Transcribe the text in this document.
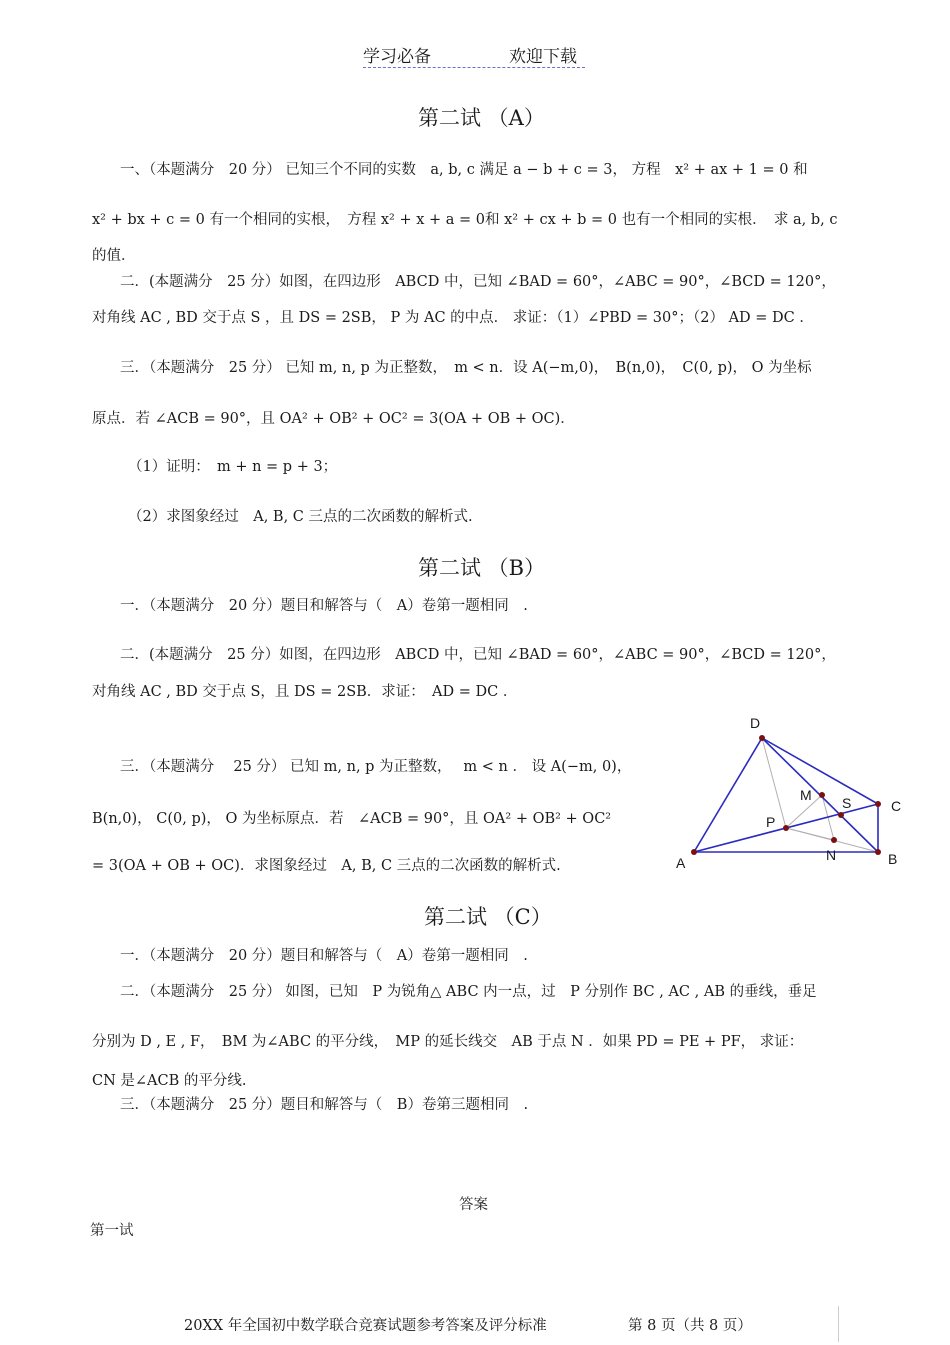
学习必备	欢迎下载
第二试 （A）
一、（本题满分　20 分） 已知三个不同的实数　a, b, c 满足 a − b + c = 3， 方程　x² + ax + 1 = 0 和
x² + bx + c = 0 有一个相同的实根，　方程 x² + x + a = 0和 x² + cx + b = 0 也有一个相同的实根．　求 a, b, c
的值．
二．(本题满分　25 分）如图，在四边形　ABCD 中，已知 ∠BAD = 60°，∠ABC = 90°，∠BCD = 120°，
对角线 AC , BD 交于点 S ，且 DS = 2SB， P 为 AC 的中点． 求证：（1）∠PBD = 30°；（2） AD = DC ．
三．（本题满分　25 分） 已知 m, n, p 为正整数，　m < n．设 A(−m,0)，　B(n,0)，　C(0, p)， O 为坐标
原点．若 ∠ACB = 90°，且 OA² + OB² + OC² = 3(OA + OB + OC)．
（1）证明：　m + n = p + 3；
（2）求图象经过　A, B, C 三点的二次函数的解析式.
第二试 （B）
一．（本题满分　20 分）题目和解答与（　A）卷第一题相同　.
二．(本题满分　25 分）如图，在四边形　ABCD 中，已知 ∠BAD = 60°，∠ABC = 90°，∠BCD = 120°，
对角线 AC , BD 交于点 S，且 DS = 2SB．求证：　AD = DC ．
三．（本题满分　 25 分） 已知 m, n, p 为正整数，　 m < n ． 设 A(−m, 0)，
B(n,0)， C(0, p)， O 为坐标原点．若　∠ACB = 90°，且 OA² + OB² + OC²
= 3(OA + OB + OC)．求图象经过　A, B, C 三点的二次函数的解析式.
D
M S	C
P
N
A	B
第二试 （C）
一．（本题满分　20 分）题目和解答与（　A）卷第一题相同　.
二．（本题满分　25 分） 如图，已知　P 为锐角△ ABC 内一点，过　P 分别作 BC , AC , AB 的垂线，垂足
分别为 D , E , F，　BM 为∠ABC 的平分线，　MP 的延长线交　AB 于点 N ．如果 PD = PE + PF， 求证：
CN 是∠ACB 的平分线.
三．（本题满分　25 分）题目和解答与（　B）卷第三题相同　.
答案
第一试
20XX 年全国初中数学联合竞赛试题参考答案及评分标准	第 8 页（共 8 页）
